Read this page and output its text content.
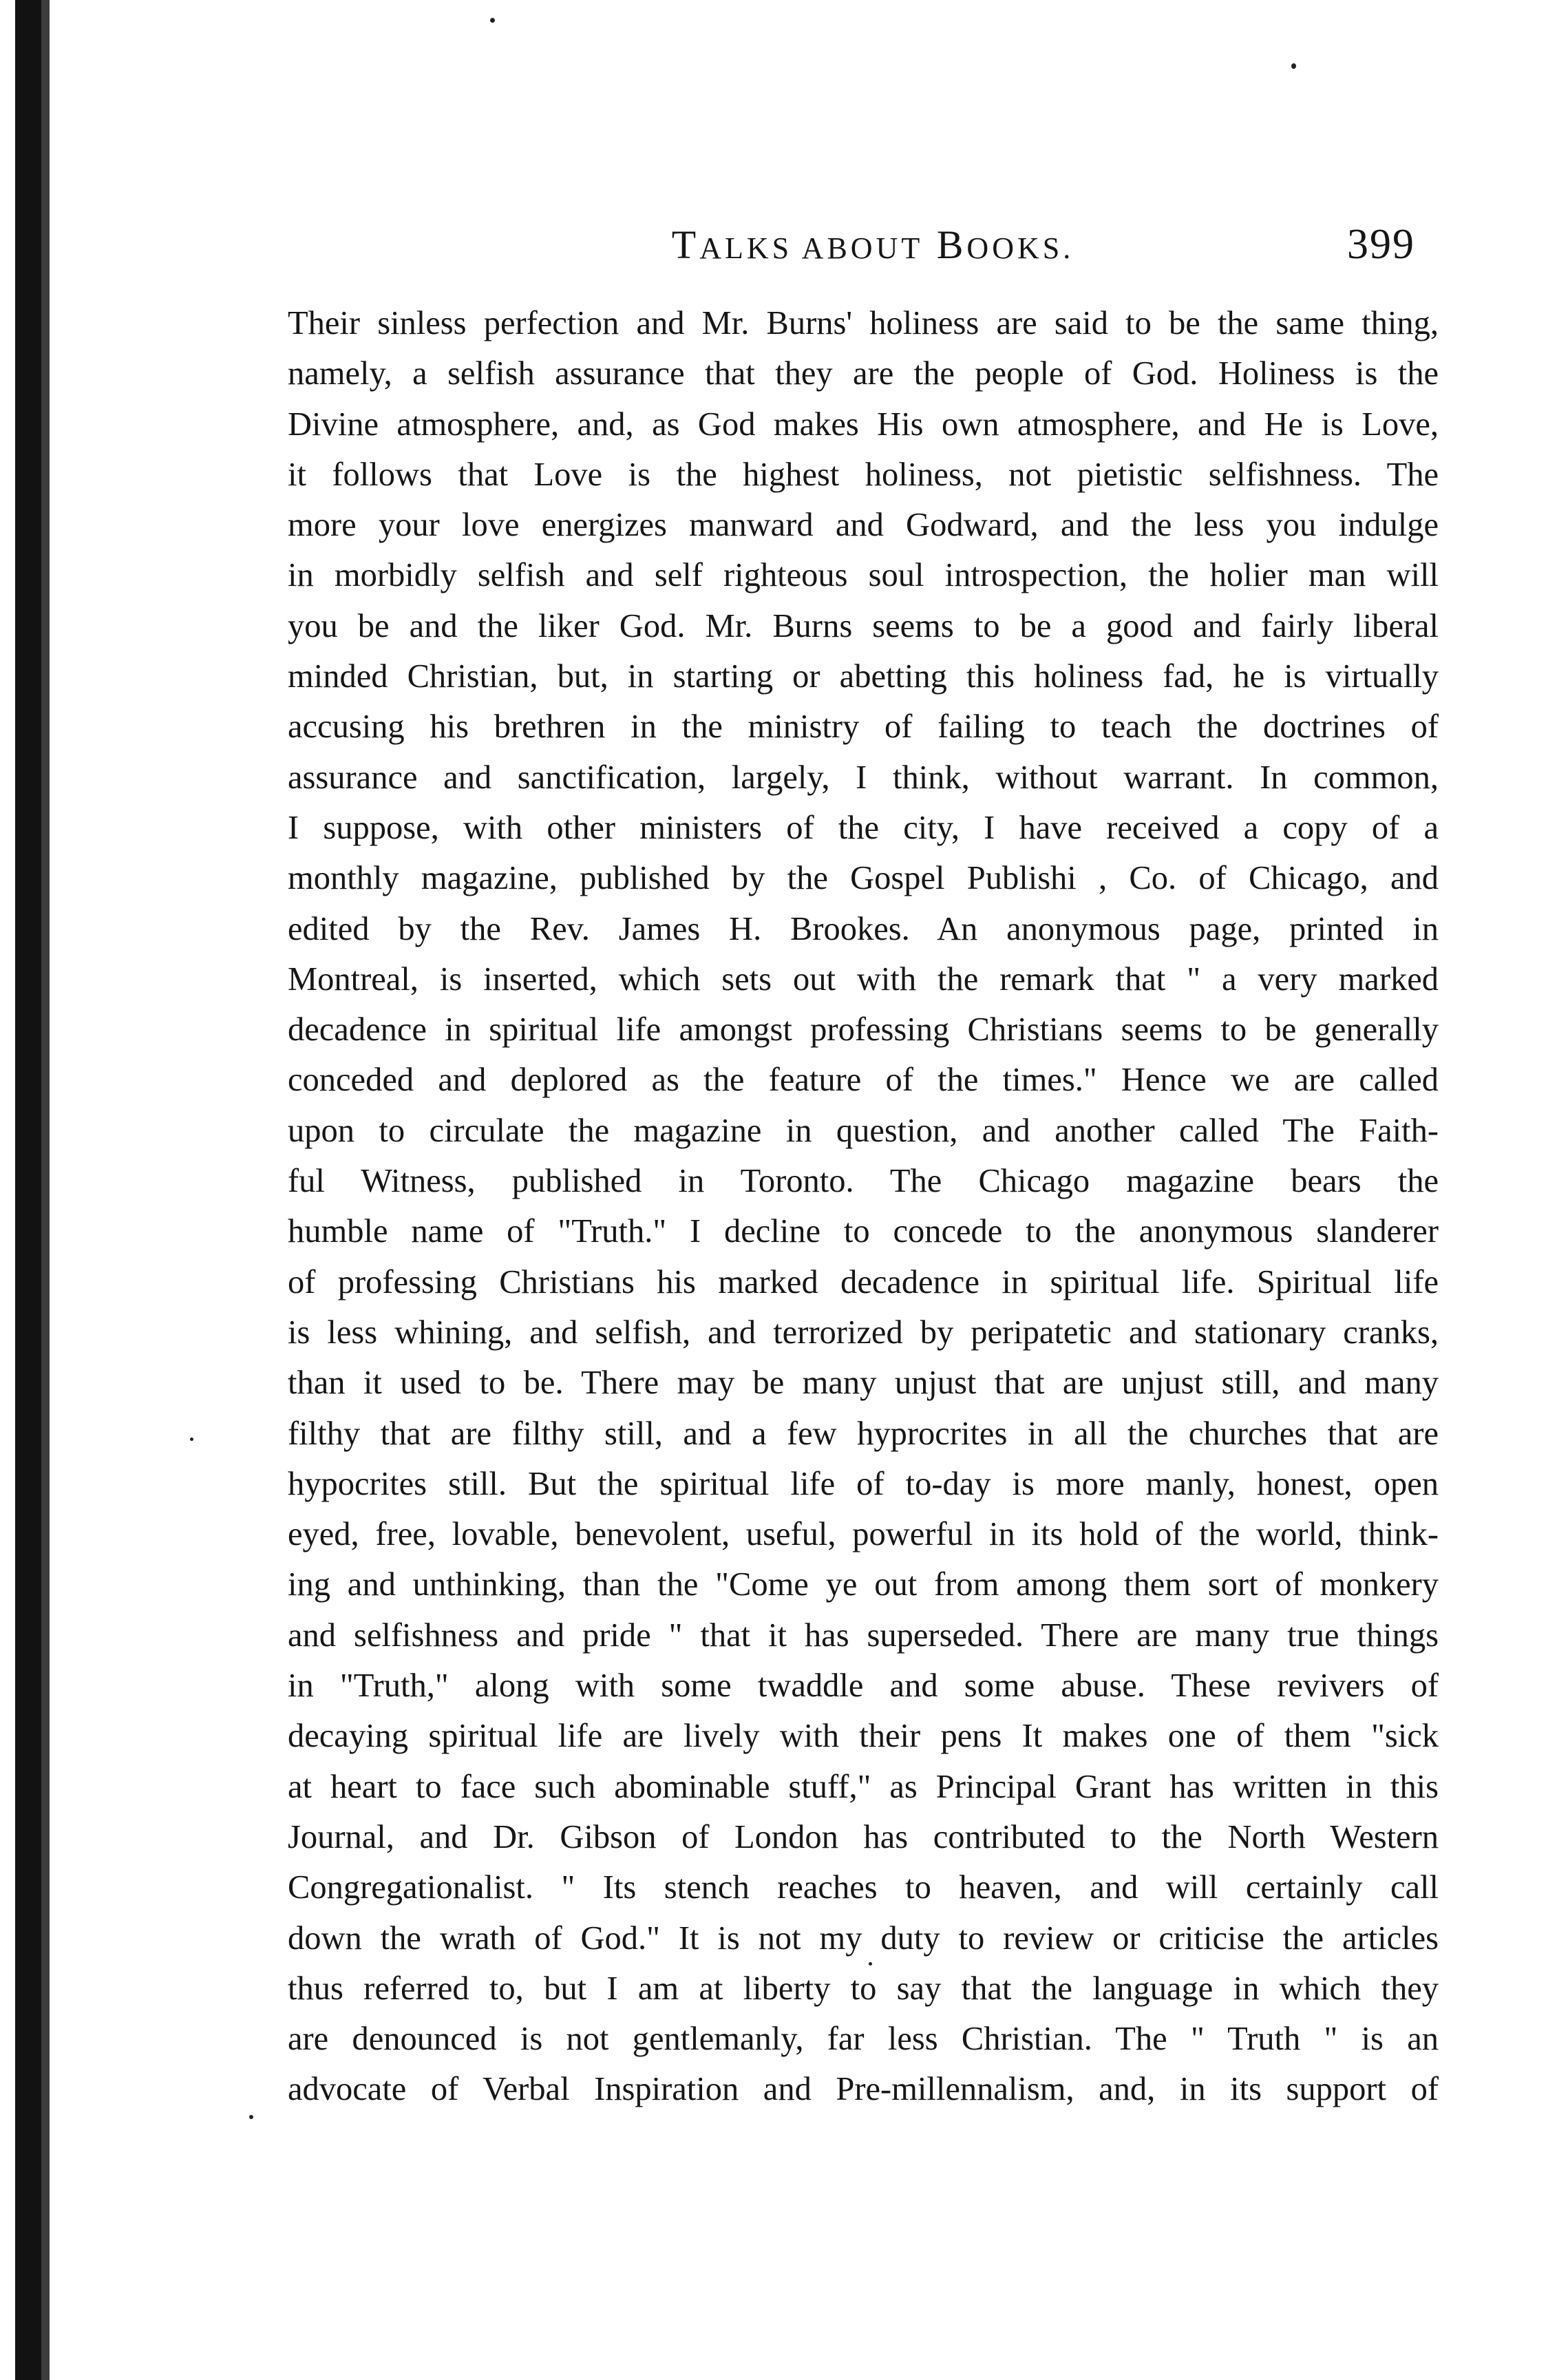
TALKS ABOUT BOOKS.	399
Their sinless perfection and Mr. Burns' holiness are said to be the same thing,
namely, a selfish assurance that they are the people of God. Holiness is the
Divine atmosphere, and, as God makes His own atmosphere, and He is Love,
it follows that Love is the highest holiness, not pietistic selfishness. The
more your love energizes manward and Godward, and the less you indulge
in morbidly selfish and self righteous soul introspection, the holier man will
you be and the liker God. Mr. Burns seems to be a good and fairly liberal
minded Christian, but, in starting or abetting this holiness fad, he is virtually
accusing his brethren in the ministry of failing to teach the doctrines of
assurance and sanctification, largely, I think, without warrant. In common,
I suppose, with other ministers of the city, I have received a copy of a
monthly magazine, published by the Gospel Publishi , Co. of Chicago, and
edited by the Rev. James H. Brookes. An anonymous page, printed in
Montreal, is inserted, which sets out with the remark that " a very marked
decadence in spiritual life amongst professing Christians seems to be generally
conceded and deplored as the feature of the times." Hence we are called
upon to circulate the magazine in question, and another called The Faith-
ful Witness, published in Toronto. The Chicago magazine bears the
humble name of "Truth." I decline to concede to the anonymous slanderer
of professing Christians his marked decadence in spiritual life. Spiritual life
is less whining, and selfish, and terrorized by peripatetic and stationary cranks,
than it used to be. There may be many unjust that are unjust still, and many
filthy that are filthy still, and a few hyprocrites in all the churches that are
hypocrites still. But the spiritual life of to-day is more manly, honest, open
eyed, free, lovable, benevolent, useful, powerful in its hold of the world, think-
ing and unthinking, than the "Come ye out from among them sort of monkery
and selfishness and pride " that it has superseded. There are many true things
in "Truth," along with some twaddle and some abuse. These revivers of
decaying spiritual life are lively with their pens It makes one of them "sick
at heart to face such abominable stuff," as Principal Grant has written in this
Journal, and Dr. Gibson of London has contributed to the North Western
Congregationalist. " Its stench reaches to heaven, and will certainly call
down the wrath of God." It is not my duty to review or criticise the articles
thus referred to, but I am at liberty to say that the language in which they
are denounced is not gentlemanly, far less Christian. The " Truth " is an
advocate of Verbal Inspiration and Pre-millennalism, and, in its support of
